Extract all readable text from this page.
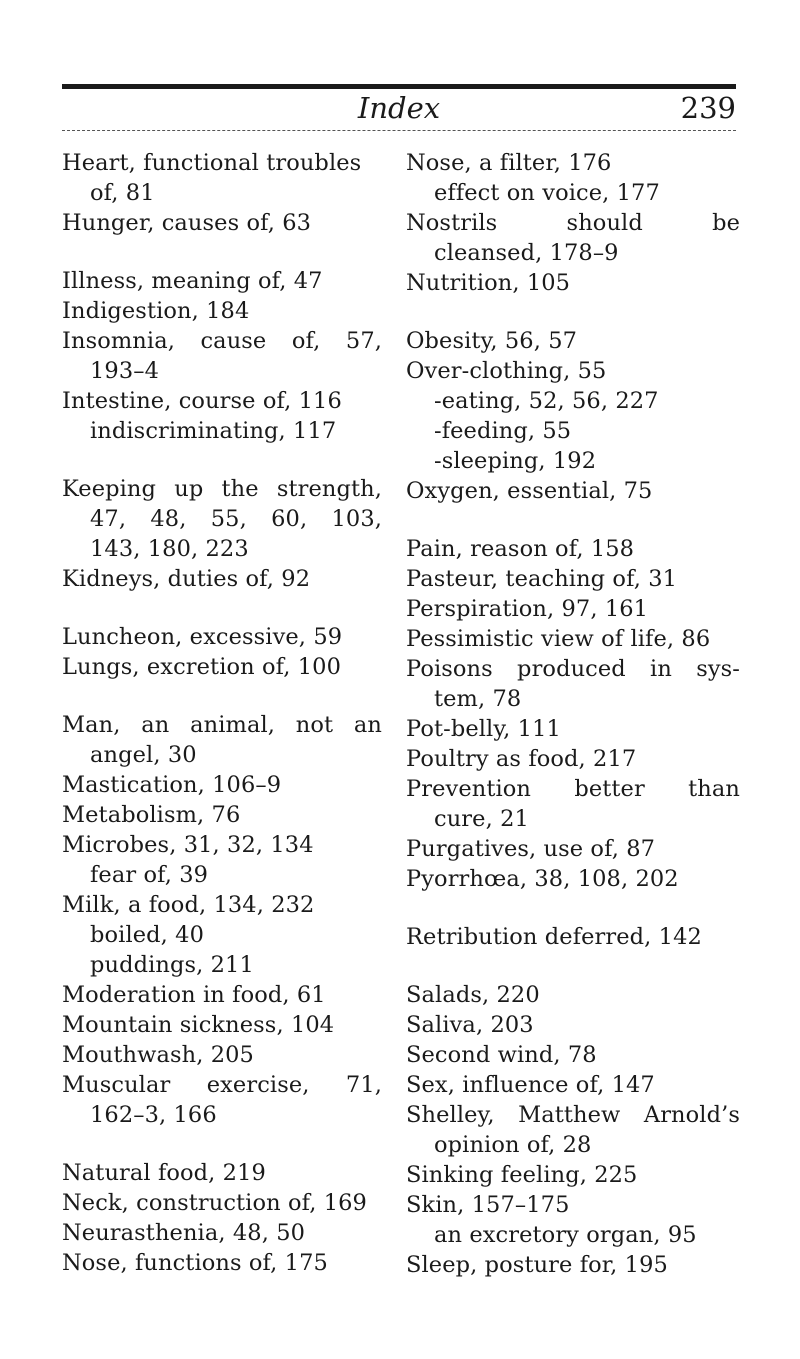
Index	239
Heart, functional troubles
of, 81
Hunger, causes of, 63
Illness, meaning of, 47
Indigestion, 184
Insomnia, cause of, 57,
193–4
Intestine, course of, 116
indiscriminating, 117
Keeping up the strength,
47, 48, 55, 60, 103,
143, 180, 223
Kidneys, duties of, 92
Luncheon, excessive, 59
Lungs, excretion of, 100
Man, an animal, not an
angel, 30
Mastication, 106–9
Metabolism, 76
Microbes, 31, 32, 134
fear of, 39
Milk, a food, 134, 232
boiled, 40
puddings, 211
Moderation in food, 61
Mountain sickness, 104
Mouthwash, 205
Muscular exercise, 71,
162–3, 166
Natural food, 219
Neck, construction of, 169
Neurasthenia, 48, 50
Nose, functions of, 175
Nose, a filter, 176
effect on voice, 177
Nostrils should be
cleansed, 178–9
Nutrition, 105
Obesity, 56, 57
Over-clothing, 55
-eating, 52, 56, 227
-feeding, 55
-sleeping, 192
Oxygen, essential, 75
Pain, reason of, 158
Pasteur, teaching of, 31
Perspiration, 97, 161
Pessimistic view of life, 86
Poisons produced in sys-
tem, 78
Pot-belly, 111
Poultry as food, 217
Prevention better than
cure, 21
Purgatives, use of, 87
Pyorrhœa, 38, 108, 202
Retribution deferred, 142
Salads, 220
Saliva, 203
Second wind, 78
Sex, influence of, 147
Shelley, Matthew Arnold’s
opinion of, 28
Sinking feeling, 225
Skin, 157–175
an excretory organ, 95
Sleep, posture for, 195
